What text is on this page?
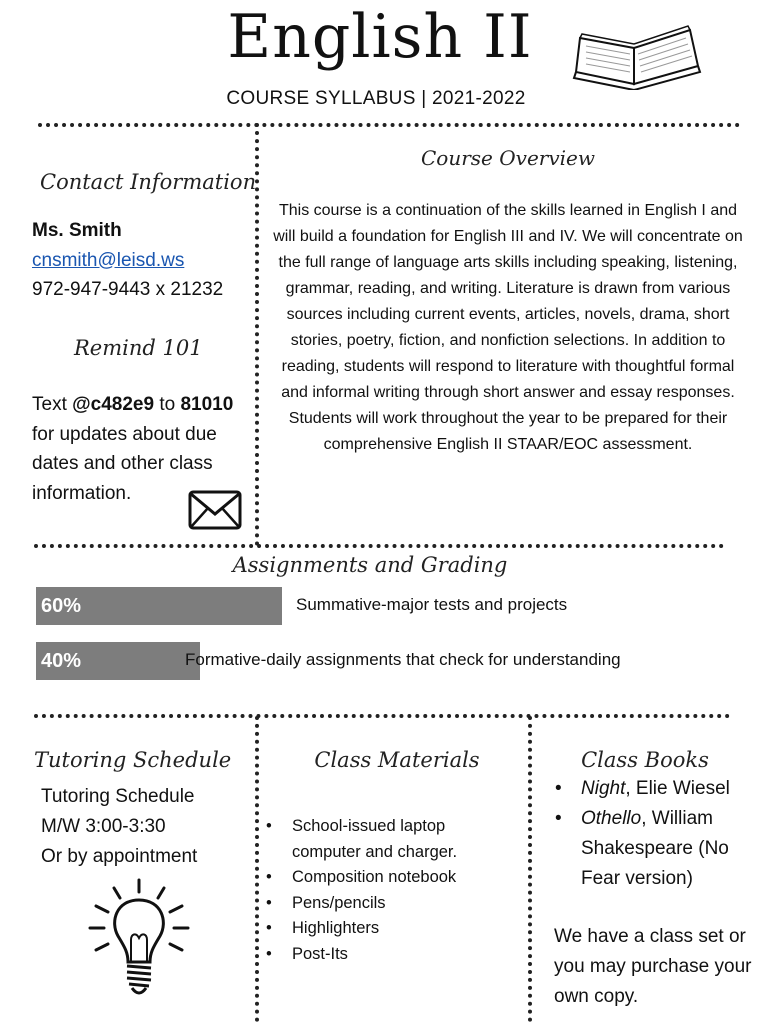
English II
COURSE SYLLABUS | 2021-2022
Contact Information
Ms. Smith
cnsmith@leisd.ws
972-947-9443 x 21232
Remind 101
Text @c482e9 to 81010 for updates about due dates and other class information.
Course Overview
This course is a continuation of the skills learned in English I and will build a foundation for English III and IV. We will concentrate on the full range of language arts skills including speaking, listening, grammar, reading, and writing. Literature is drawn from various sources including current events, articles, novels, drama, short stories, poetry, fiction, and nonfiction selections. In addition to reading, students will respond to literature with thoughtful formal and informal writing through short answer and essay responses. Students will work throughout the year to be prepared for their comprehensive English II STAAR/EOC assessment.
Assignments and Grading
60%	Summative-major tests and projects
40%	Formative-daily assignments that check for understanding
Tutoring Schedule
Tutoring Schedule
M/W 3:00-3:30
Or by appointment
Class Materials
• School-issued laptop computer and charger.
• Composition notebook
• Pens/pencils
• Highlighters
• Post-Its
Class Books
• Night, Elie Wiesel
• Othello, William Shakespeare (No Fear version)
We have a class set or you may purchase your own copy.
